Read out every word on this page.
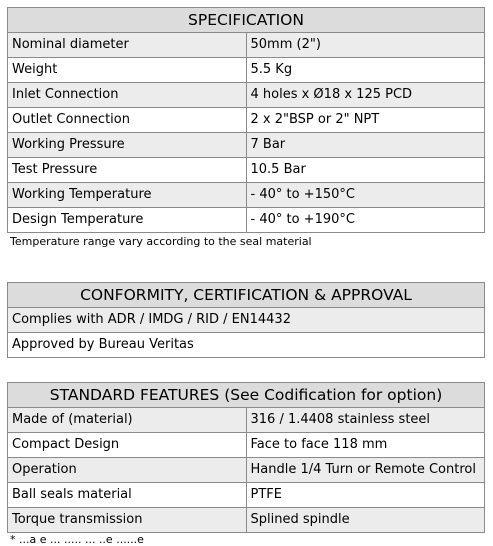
SPECIFICATION	
Nominal diameter	50mm (2")
Weight	5.5 Kg
Inlet Connection	4 holes x Ø18 x 125 PCD
Outlet Connection	2 x 2"BSP or 2" NPT
Working Pressure	7 Bar
Test Pressure	10.5 Bar
Working Temperature	- 40° to +150°C
Design Temperature	- 40° to +190°C
Temperature range vary according to the seal material
CONFORMITY, CERTIFICATION & APPROVAL
Complies with ADR / IMDG / RID / EN14432
Approved by Bureau Veritas
STANDARD FEATURES (See Codification for option)	
Made of (material)	316 / 1.4408 stainless steel
Compact Design	Face to face 118 mm
Operation	Handle 1/4 Turn or Remote Control
Ball seals material	PTFE
Torque transmission	Splined spindle
* ...a e ... ..... ... ..e ......e
